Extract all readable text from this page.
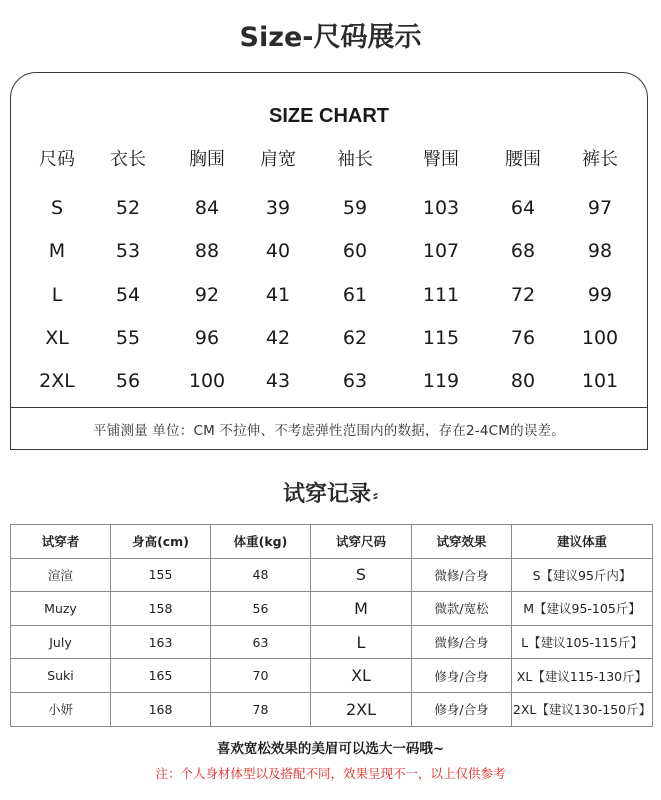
Size-尺码展示
SIZE CHART
尺码 衣长 胸围 肩宽 袖长	臀围	腰围 裤长
S	52	84 39	59	103	64	97
M	53	88 40	60	107	68	98
L	54	92 41	61	111	72	99
XL 55	96 42	62	115	76 100
2XL 56	100 43	63	119	80 101
平铺测量 单位：CM 不拉伸、不考虑弹性范围内的数据，存在2-4CM的误差。
试穿记录 ⸗
试穿者	身高(cm)	体重(kg)	试穿尺码	试穿效果	建议体重
渲渲	155	48	S	微修/合身	S【建议95斤内】
Muzy	158	56	M	微款/宽松	M【建议95-105斤】
July	163	63	L	微修/合身	L【建议105-115斤】
Suki	165	70	XL	修身/合身	XL【建议115-130斤】
小妍	168	78	2XL	修身/合身	2XL【建议130-150斤】
喜欢宽松效果的美眉可以选大一码哦~
注：个人身材体型以及搭配不同，效果呈现不一，以上仅供参考
